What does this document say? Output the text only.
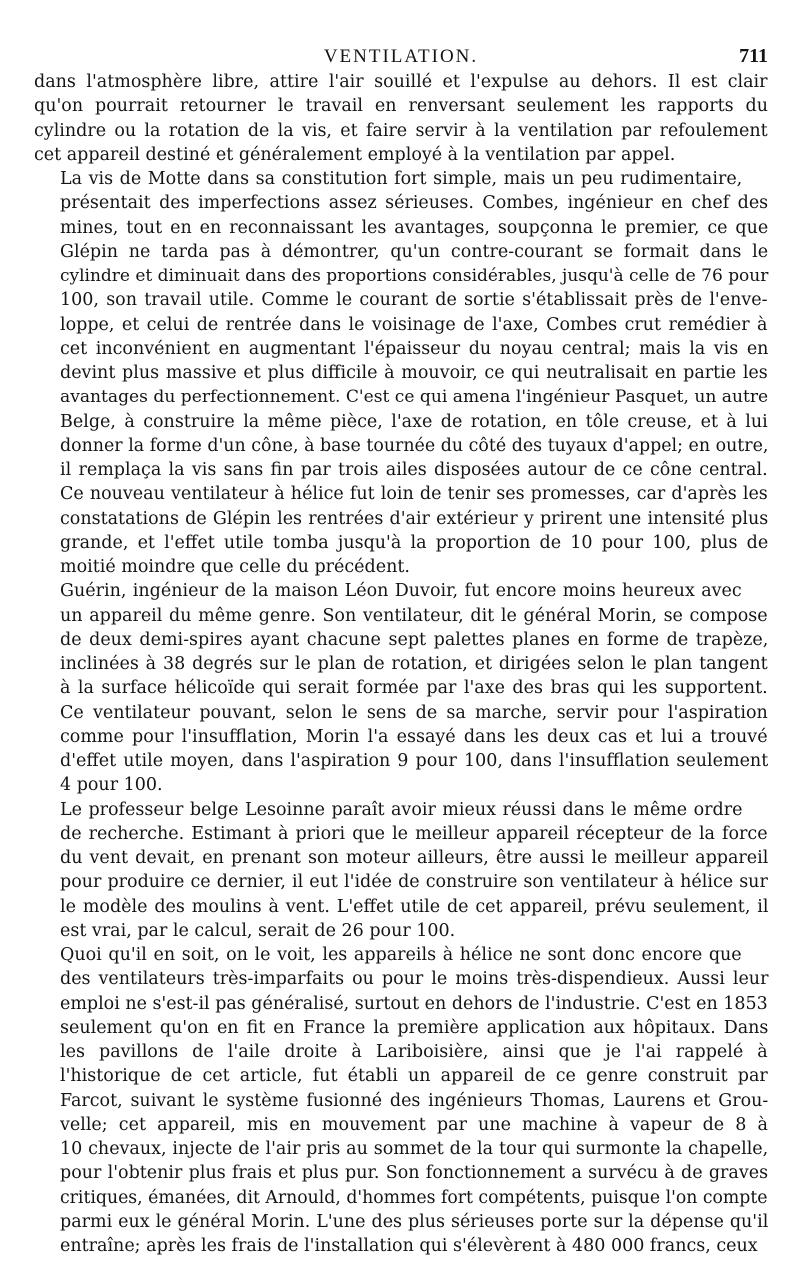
VENTILATION.	711

dans l'atmosphère libre, attire l'air souillé et l'expulse au dehors. Il est clair
qu'on pourrait retourner le travail en renversant seulement les rapports du
cylindre ou la rotation de la vis, et faire servir à la ventilation par refoulement
cet appareil destiné et généralement employé à la ventilation par appel.

La vis de Motte dans sa constitution fort simple, mais un peu rudimentaire,
présentait des imperfections assez sérieuses. Combes, ingénieur en chef des
mines, tout en en reconnaissant les avantages, soupçonna le premier, ce que
Glépin ne tarda pas à démontrer, qu'un contre-courant se formait dans le
cylindre et diminuait dans des proportions considérables, jusqu'à celle de 76 pour
100, son travail utile. Comme le courant de sortie s'établissait près de l'enve-
loppe, et celui de rentrée dans le voisinage de l'axe, Combes crut remédier à
cet inconvénient en augmentant l'épaisseur du noyau central; mais la vis en
devint plus massive et plus difficile à mouvoir, ce qui neutralisait en partie les
avantages du perfectionnement. C'est ce qui amena l'ingénieur Pasquet, un autre
Belge, à construire la même pièce, l'axe de rotation, en tôle creuse, et à lui
donner la forme d'un cône, à base tournée du côté des tuyaux d'appel; en outre,
il remplaça la vis sans fin par trois ailes disposées autour de ce cône central.
Ce nouveau ventilateur à hélice fut loin de tenir ses promesses, car d'après les
constatations de Glépin les rentrées d'air extérieur y prirent une intensité plus
grande, et l'effet utile tomba jusqu'à la proportion de 10 pour 100, plus de
moitié moindre que celle du précédent.

Guérin, ingénieur de la maison Léon Duvoir, fut encore moins heureux avec
un appareil du même genre. Son ventilateur, dit le général Morin, se compose
de deux demi-spires ayant chacune sept palettes planes en forme de trapèze,
inclinées à 38 degrés sur le plan de rotation, et dirigées selon le plan tangent
à la surface hélicoïde qui serait formée par l'axe des bras qui les supportent.
Ce ventilateur pouvant, selon le sens de sa marche, servir pour l'aspiration
comme pour l'insufflation, Morin l'a essayé dans les deux cas et lui a trouvé
d'effet utile moyen, dans l'aspiration 9 pour 100, dans l'insufflation seulement
4 pour 100.

Le professeur belge Lesoinne paraît avoir mieux réussi dans le même ordre
de recherche. Estimant à priori que le meilleur appareil récepteur de la force
du vent devait, en prenant son moteur ailleurs, être aussi le meilleur appareil
pour produire ce dernier, il eut l'idée de construire son ventilateur à hélice sur
le modèle des moulins à vent. L'effet utile de cet appareil, prévu seulement, il
est vrai, par le calcul, serait de 26 pour 100.

Quoi qu'il en soit, on le voit, les appareils à hélice ne sont donc encore que
des ventilateurs très-imparfaits ou pour le moins très-dispendieux. Aussi leur
emploi ne s'est-il pas généralisé, surtout en dehors de l'industrie. C'est en 1853
seulement qu'on en fit en France la première application aux hôpitaux. Dans
les pavillons de l'aile droite à Lariboisière, ainsi que je l'ai rappelé à
l'historique de cet article, fut établi un appareil de ce genre construit par
Farcot, suivant le système fusionné des ingénieurs Thomas, Laurens et Grou-
velle; cet appareil, mis en mouvement par une machine à vapeur de 8 à
10 chevaux, injecte de l'air pris au sommet de la tour qui surmonte la chapelle,
pour l'obtenir plus frais et plus pur. Son fonctionnement a survécu à de graves
critiques, émanées, dit Arnould, d'hommes fort compétents, puisque l'on compte
parmi eux le général Morin. L'une des plus sérieuses porte sur la dépense qu'il
entraîne; après les frais de l'installation qui s'élevèrent à 480 000 francs, ceux
